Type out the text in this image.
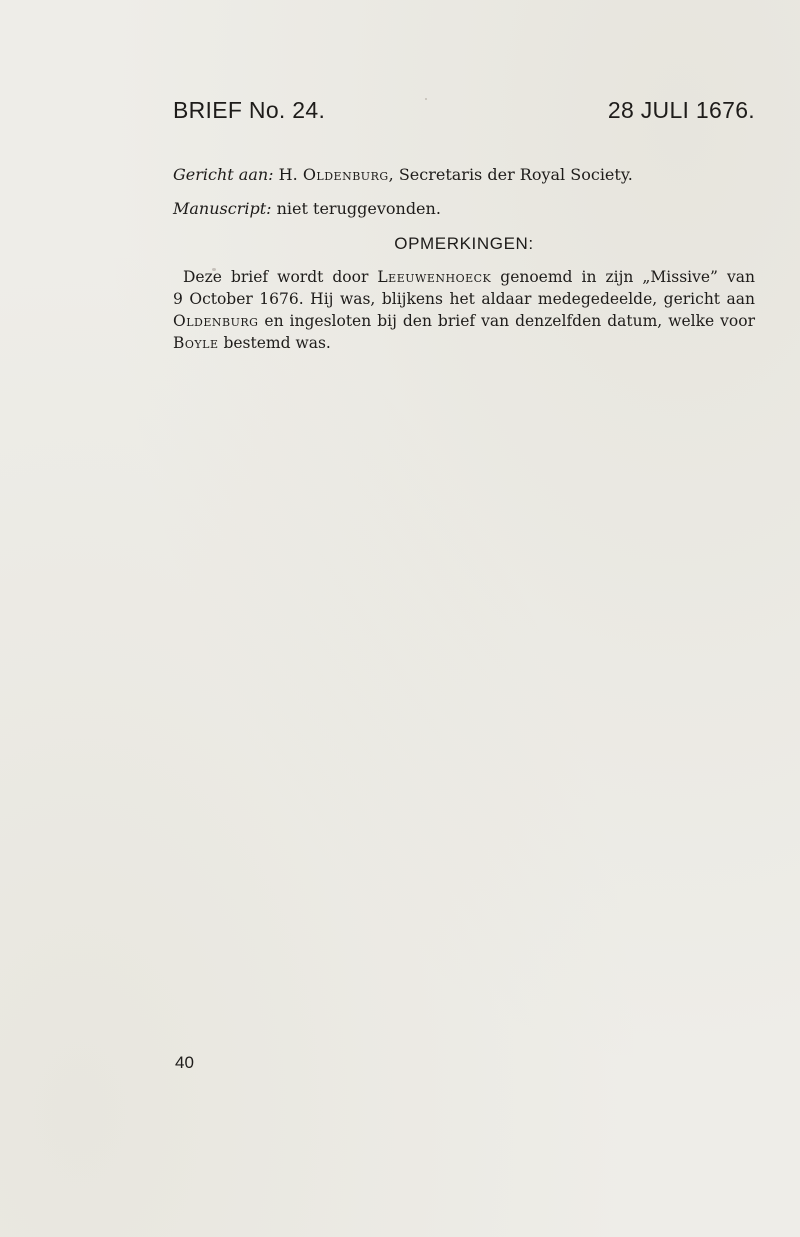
BRIEF No. 24.	28 JULI 1676.
Gericht aan: H. Oldenburg, Secretaris der Royal Society.
Manuscript: niet teruggevonden.
OPMERKINGEN:
Deze brief wordt door Leeuwenhoeck genoemd in zijn „Missive” van
9 October 1676. Hij was, blijkens het aldaar medegedeelde, gericht aan
Oldenburg en ingesloten bij den brief van denzelfden datum, welke voor
Boyle bestemd was.
40
